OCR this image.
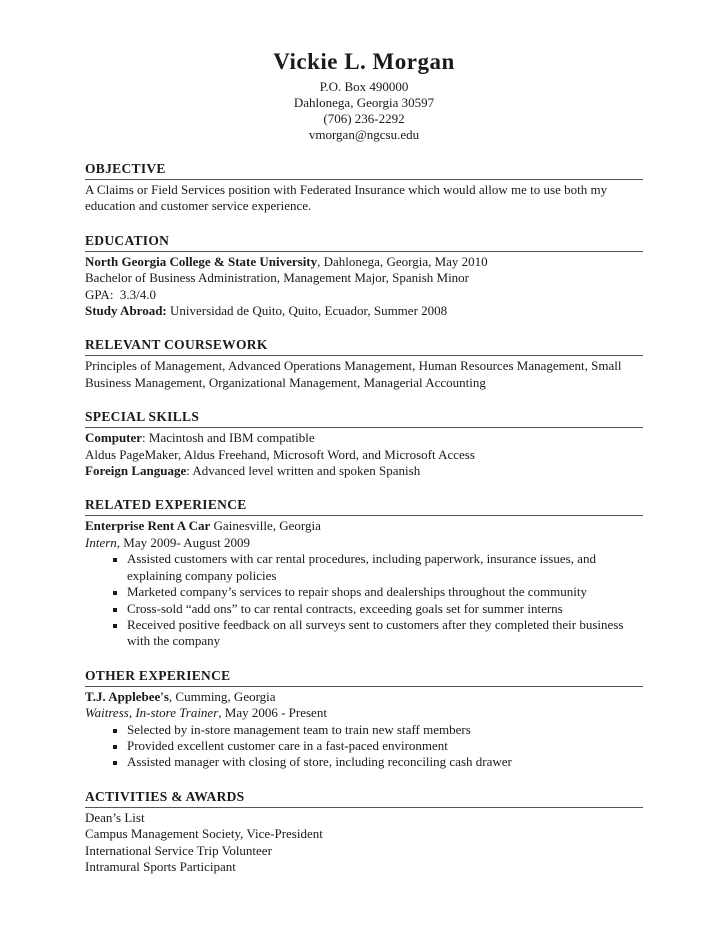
Vickie L. Morgan
P.O. Box 490000
Dahlonega, Georgia 30597
(706) 236-2292
vmorgan@ngcsu.edu
OBJECTIVE
A Claims or Field Services position with Federated Insurance which would allow me to use both my education and customer service experience.
EDUCATION
North Georgia College & State University, Dahlonega, Georgia, May 2010
Bachelor of Business Administration, Management Major, Spanish Minor
GPA:  3.3/4.0
Study Abroad: Universidad de Quito, Quito, Ecuador, Summer 2008
RELEVANT COURSEWORK
Principles of Management, Advanced Operations Management, Human Resources Management, Small Business Management, Organizational Management, Managerial Accounting
SPECIAL SKILLS
Computer: Macintosh and IBM compatible
Aldus PageMaker, Aldus Freehand, Microsoft Word, and Microsoft Access
Foreign Language: Advanced level written and spoken Spanish
RELATED EXPERIENCE
Enterprise Rent A Car Gainesville, Georgia
Intern, May 2009- August 2009
Assisted customers with car rental procedures, including paperwork, insurance issues, and explaining company policies
Marketed company’s services to repair shops and dealerships throughout the community
Cross-sold “add ons” to car rental contracts, exceeding goals set for summer interns
Received positive feedback on all surveys sent to customers after they completed their business with the company
OTHER EXPERIENCE
T.J. Applebee's, Cumming, Georgia
Waitress, In-store Trainer, May 2006 - Present
Selected by in-store management team to train new staff members
Provided excellent customer care in a fast-paced environment
Assisted manager with closing of store, including reconciling cash drawer
ACTIVITIES & AWARDS
Dean’s List
Campus Management Society, Vice-President
International Service Trip Volunteer
Intramural Sports Participant
